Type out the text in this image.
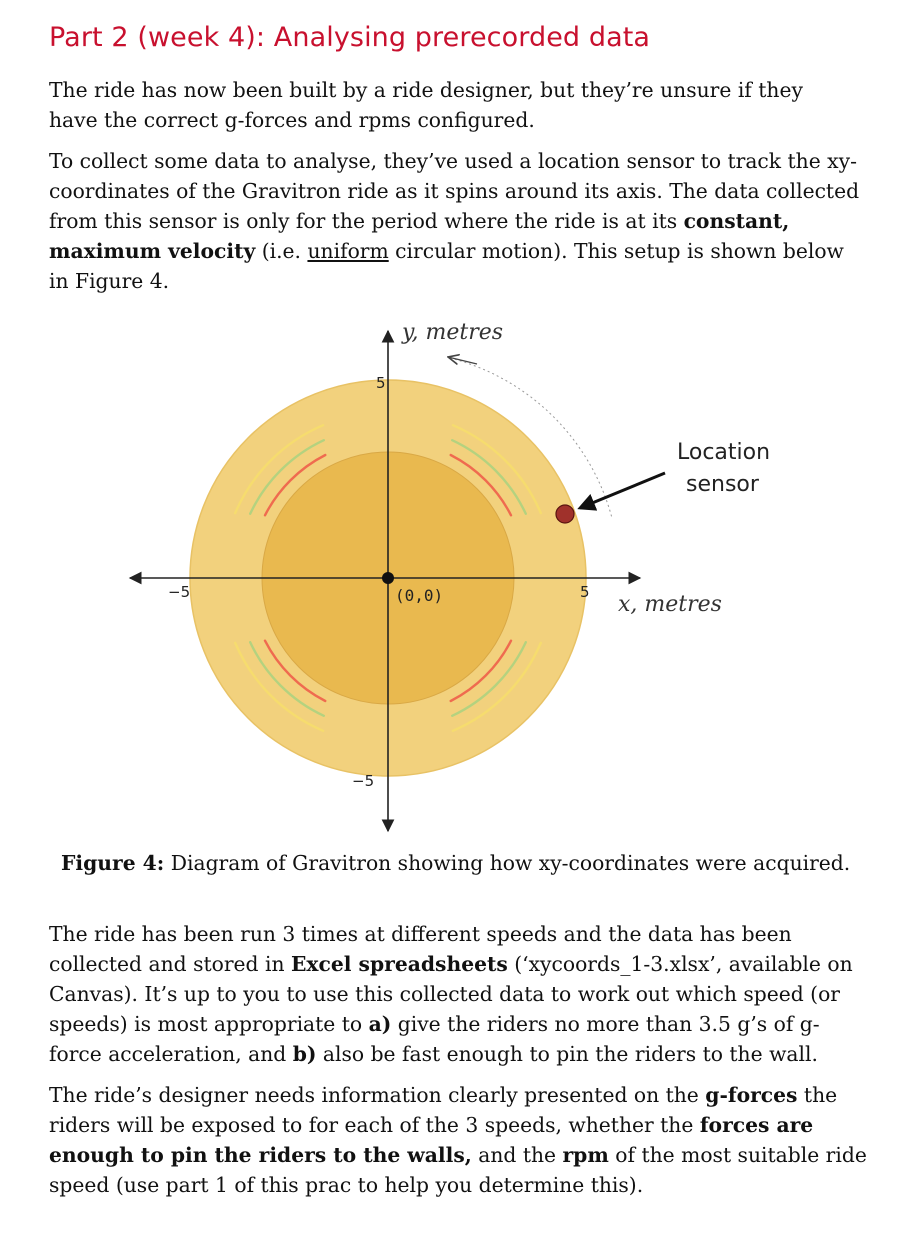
Part 2 (week 4): Analysing prerecorded data

The ride has now been built by a ride designer, but they’re unsure if they
have the correct g-forces and rpms configured.

To collect some data to analyse, they’ve used a location sensor to track the xy-
coordinates of the Gravitron ride as it spins around its axis. The data collected
from this sensor is only for the period where the ride is at its constant,
maximum velocity (i.e. uniform circular motion). This setup is shown below
in Figure 4.

5
−5
−5	5
(0,0)
y, metres
x, metres
Location
sensor

Figure 4: Diagram of Gravitron showing how xy-coordinates were acquired.

The ride has been run 3 times at different speeds and the data has been
collected and stored in Excel spreadsheets (‘xycoords_1-3.xlsx’, available on
Canvas). It’s up to you to use this collected data to work out which speed (or
speeds) is most appropriate to a) give the riders no more than 3.5 g’s of g-
force acceleration, and b) also be fast enough to pin the riders to the wall.

The ride’s designer needs information clearly presented on the g-forces the
riders will be exposed to for each of the 3 speeds, whether the forces are
enough to pin the riders to the walls, and the rpm of the most suitable ride
speed (use part 1 of this prac to help you determine this).
